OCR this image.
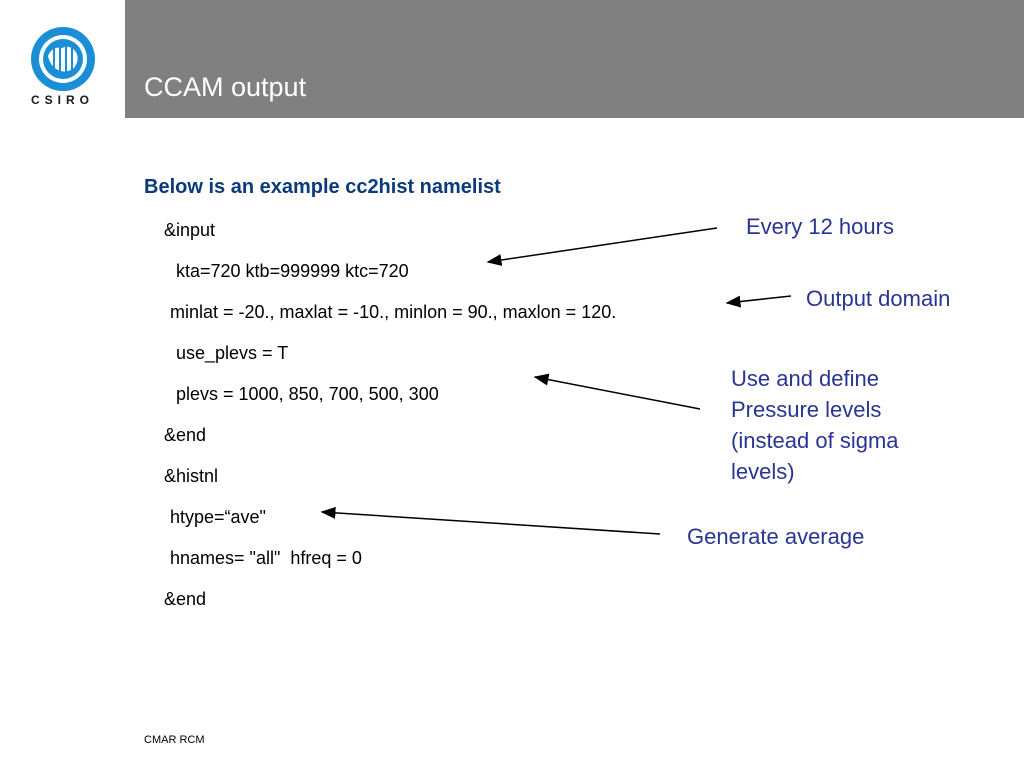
CSIRO	CCAM output
Below is an example cc2hist namelist
&input
kta=720 ktb=999999 ktc=720
minlat = -20., maxlat = -10., minlon = 90., maxlon = 120.
use_plevs = T
plevs = 1000, 850, 700, 500, 300
&end
&histnl
htype=“ave"
hnames= "all"  hfreq = 0
&end
Every 12 hours
Output domain
Use and define
Pressure levels
(instead of sigma
levels)
Generate average
CMAR RCM
